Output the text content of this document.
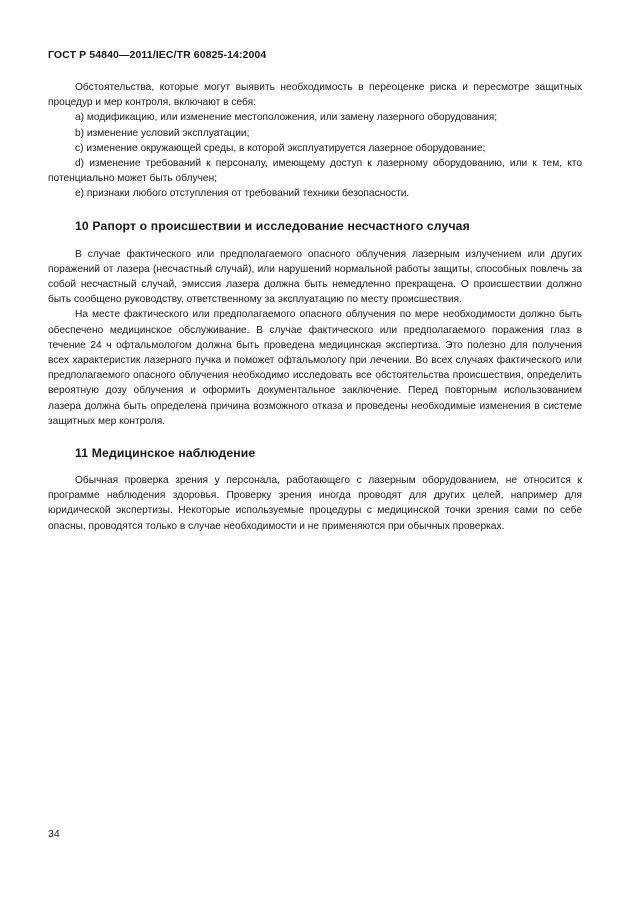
ГОСТ Р 54840—2011/IEC/TR 60825-14:2004

Обстоятельства, которые могут выявить необходимость в переоценке риска и пересмотре защитных процедур и мер контроля, включают в себя:

a) модификацию, или изменение местоположения, или замену лазерного оборудования;

b) изменение условий эксплуатации;

c) изменение окружающей среды, в которой эксплуатируется лазерное оборудование;

d) изменение требований к персоналу, имеющему доступ к лазерному оборудованию, или к тем, кто потенциально может быть облучен;

e) признаки любого отступления от требований техники безопасности.

10 Рапорт о происшествии и исследование несчастного случая

В случае фактического или предполагаемого опасного облучения лазерным излучением или других поражений от лазера (несчастный случай), или нарушений нормальной работы защиты, способных повлечь за собой несчастный случай, эмиссия лазера должна быть немедленно прекращена. О происшествии должно быть сообщено руководству, ответственному за эксплуатацию по месту происшествия.

На месте фактического или предполагаемого опасного облучения по мере необходимости должно быть обеспечено медицинское обслуживание. В случае фактического или предполагаемого поражения глаз в течение 24 ч офтальмологом должна быть проведена медицинская экспертиза. Это полезно для получения всех характеристик лазерного пучка и поможет офтальмологу при лечении. Во всех случаях фактического или предполагаемого опасного облучения необходимо исследовать все обстоятельства происшествия, определить вероятную дозу облучения и оформить документальное заключение. Перед повторным использованием лазера должна быть определена причина возможного отказа и проведены необходимые изменения в системе защитных мер контроля.

11 Медицинское наблюдение

Обычная проверка зрения у персонала, работающего с лазерным оборудованием, не относится к программе наблюдения здоровья. Проверку зрения иногда проводят для других целей, например для юридической экспертизы. Некоторые используемые процедуры с медицинской точки зрения сами по себе опасны, проводятся только в случае необходимости и не применяются при обычных проверках.

34
